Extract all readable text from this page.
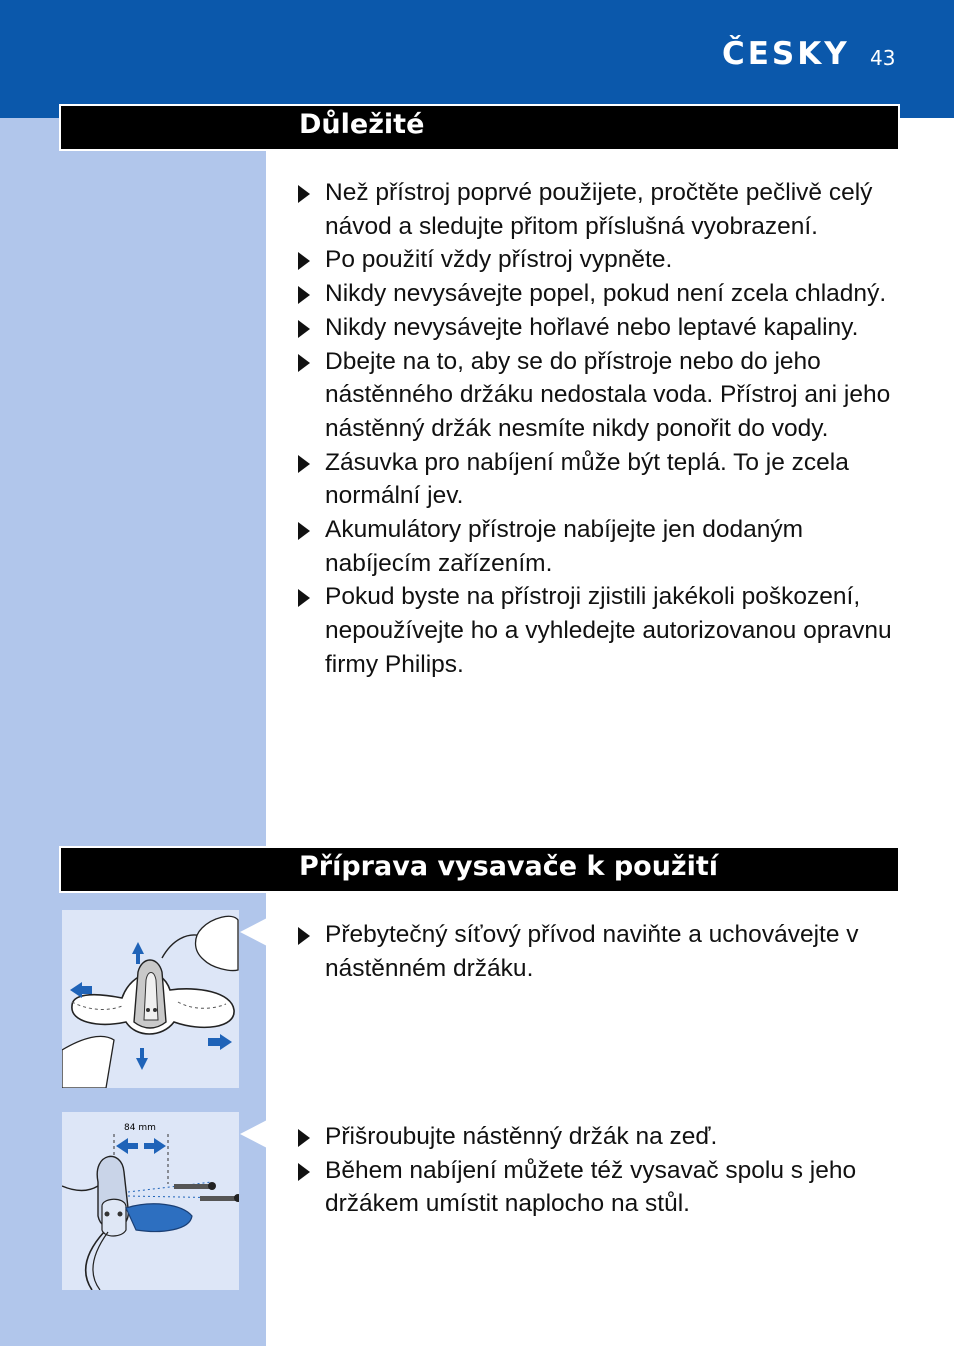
ČESKY 43
Důležité
Než přístroj poprvé použijete, pročtěte pečlivě celý návod a sledujte přitom příslušná vyobrazení.
Po použití vždy přístroj vypněte.
Nikdy nevysávejte popel, pokud není zcela chladný.
Nikdy nevysávejte hořlavé nebo leptavé kapaliny.
Dbejte na to, aby se do přístroje nebo do jeho nástěnného držáku nedostala voda. Přístroj ani jeho nástěnný držák nesmíte nikdy ponořit do vody.
Zásuvka pro nabíjení může být teplá. To je zcela normální jev.
Akumulátory přístroje nabíjejte jen dodaným nabíjecím zařízením.
Pokud byste na přístroji zjistili jakékoli poškození, nepoužívejte ho a vyhledejte autorizovanou opravnu firmy Philips.
Příprava vysavače k použití
Přebytečný síťový přívod naviňte a uchovávejte v nástěnném držáku.
84 mm	Přišroubujte nástěnný držák na zeď.
Během nabíjení můžete též vysavač spolu s jeho držákem umístit naplocho na stůl.
